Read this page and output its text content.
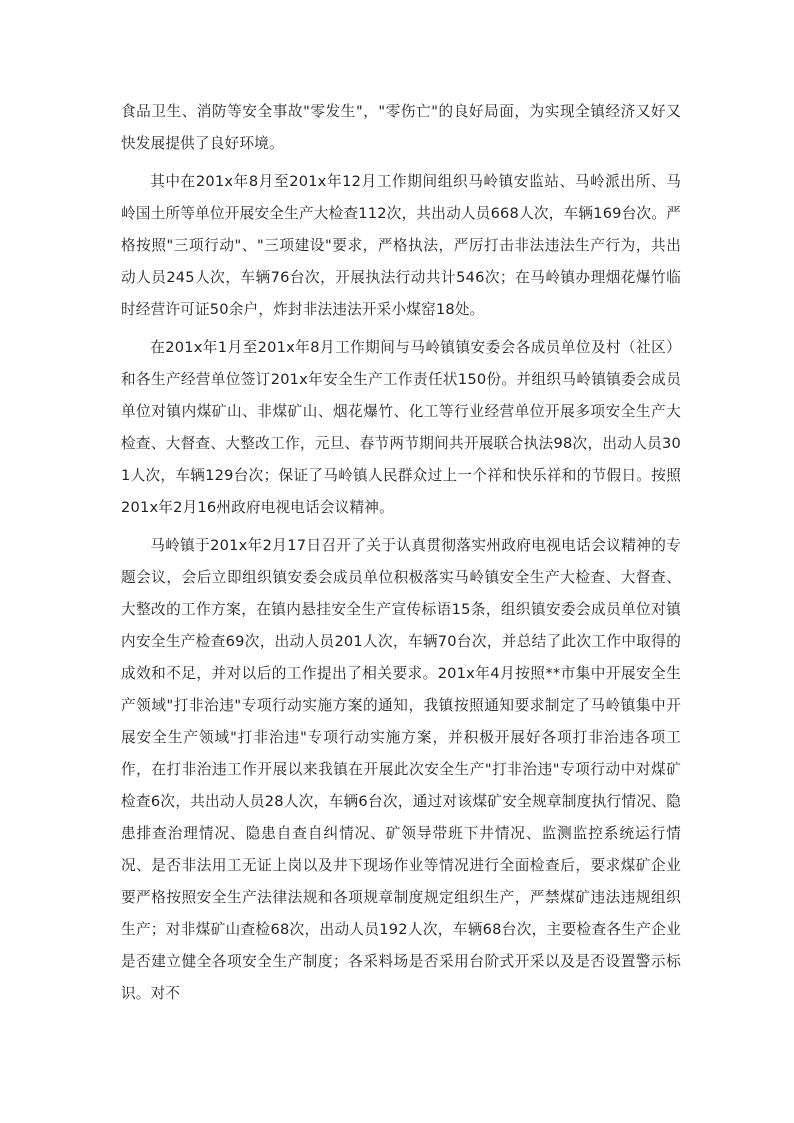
食品卫生、消防等安全事故"零发生"，"零伤亡"的良好局面，为实现全镇经济又好又快发展提供了良好环境。

其中在201x年8月至201x年12月工作期间组织马岭镇安监站、马岭派出所、马岭国土所等单位开展安全生产大检查112次，共出动人员668人次，车辆169台次。严格按照"三项行动"、"三项建设"要求，严格执法，严厉打击非法违法生产行为，共出动人员245人次，车辆76台次，开展执法行动共计546次；在马岭镇办理烟花爆竹临时经营许可证50余户，炸封非法违法开采小煤窑18处。

在201x年1月至201x年8月工作期间与马岭镇镇安委会各成员单位及村（社区）和各生产经营单位签订201x年安全生产工作责任状150份。并组织马岭镇镇委会成员单位对镇内煤矿山、非煤矿山、烟花爆竹、化工等行业经营单位开展多项安全生产大检查、大督查、大整改工作，元旦、春节两节期间共开展联合执法98次，出动人员301人次，车辆129台次；保证了马岭镇人民群众过上一个祥和快乐祥和的节假日。按照201x年2月16州政府电视电话会议精神。

马岭镇于201x年2月17日召开了关于认真贯彻落实州政府电视电话会议精神的专题会议，会后立即组织镇安委会成员单位积极落实马岭镇安全生产大检查、大督查、大整改的工作方案，在镇内悬挂安全生产宣传标语15条，组织镇安委会成员单位对镇内安全生产检查69次，出动人员201人次，车辆70台次，并总结了此次工作中取得的成效和不足，并对以后的工作提出了相关要求。201x年4月按照**市集中开展安全生产领域"打非治违"专项行动实施方案的通知，我镇按照通知要求制定了马岭镇集中开展安全生产领域"打非治违"专项行动实施方案，并积极开展好各项打非治违各项工作，在打非治违工作开展以来我镇在开展此次安全生产"打非治违"专项行动中对煤矿检查6次，共出动人员28人次，车辆6台次，通过对该煤矿安全规章制度执行情况、隐患排查治理情况、隐患自查自纠情况、矿领导带班下井情况、监测监控系统运行情况、是否非法用工无证上岗以及井下现场作业等情况进行全面检查后，要求煤矿企业要严格按照安全生产法律法规和各项规章制度规定组织生产，严禁煤矿违法违规组织生产；对非煤矿山查检68次，出动人员192人次，车辆68台次，主要检查各生产企业是否建立健全各项安全生产制度；各采料场是否采用台阶式开采以及是否设置警示标识。对不
